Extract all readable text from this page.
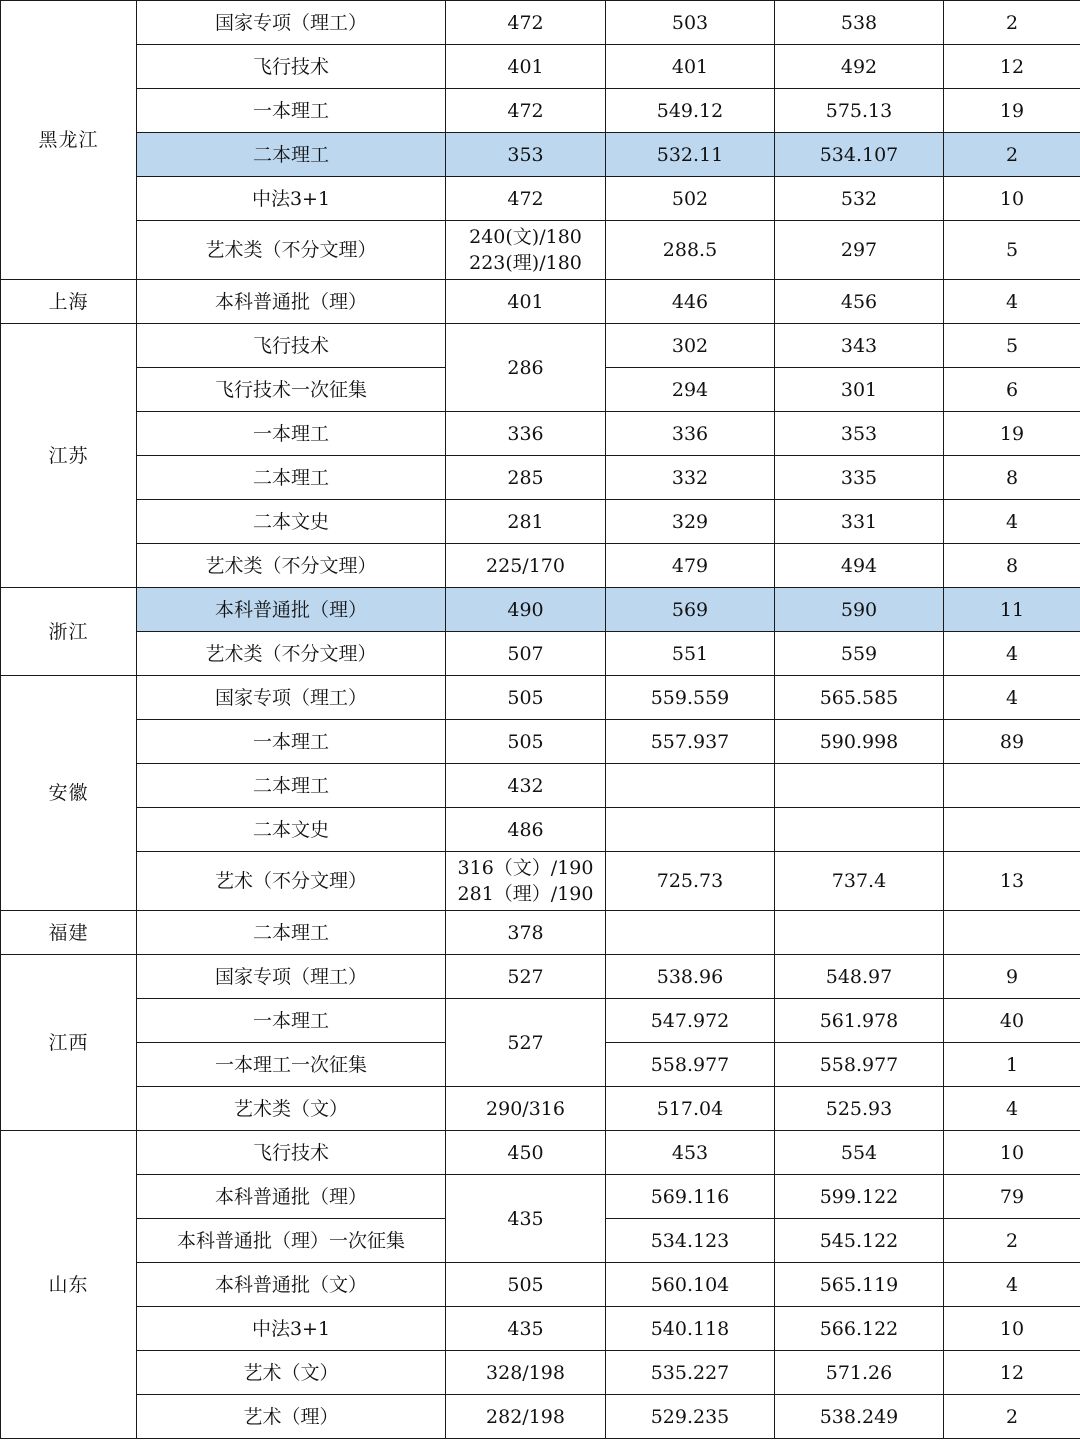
黑龙江	国家专项（理工）	472	503	538	2
	飞行技术	401	401	492	12
	一本理工	472	549.12	575.13	19
	二本理工	353	532.11	534.107	2
	中法3+1	472	502	532	10
	艺术类（不分文理）	240(文)/180
223(理)/180	288.5	297	5
上海	本科普通批（理）	401	446	456	4
江苏	飞行技术	286	302	343	5
	飞行技术一次征集		294	301	6
	一本理工	336	336	353	19
	二本理工	285	332	335	8
	二本文史	281	329	331	4
	艺术类（不分文理）	225/170	479	494	8
浙江	本科普通批（理）	490	569	590	11
	艺术类（不分文理）	507	551	559	4
安徽	国家专项（理工）	505	559.559	565.585	4
	一本理工	505	557.937	590.998	89
	二本理工	432			
	二本文史	486			
	艺术（不分文理）	316（文）/190
281（理）/190	725.73	737.4	13
福建	二本理工	378			
江西	国家专项（理工）	527	538.96	548.97	9
	一本理工	527	547.972	561.978	40
	一本理工一次征集		558.977	558.977	1
	艺术类（文）	290/316	517.04	525.93	4
山东	飞行技术	450	453	554	10
	本科普通批（理）	435	569.116	599.122	79
	本科普通批（理）一次征集		534.123	545.122	2
	本科普通批（文）	505	560.104	565.119	4
	中法3+1	435	540.118	566.122	10
	艺术（文）	328/198	535.227	571.26	12
	艺术（理）	282/198	529.235	538.249	2
